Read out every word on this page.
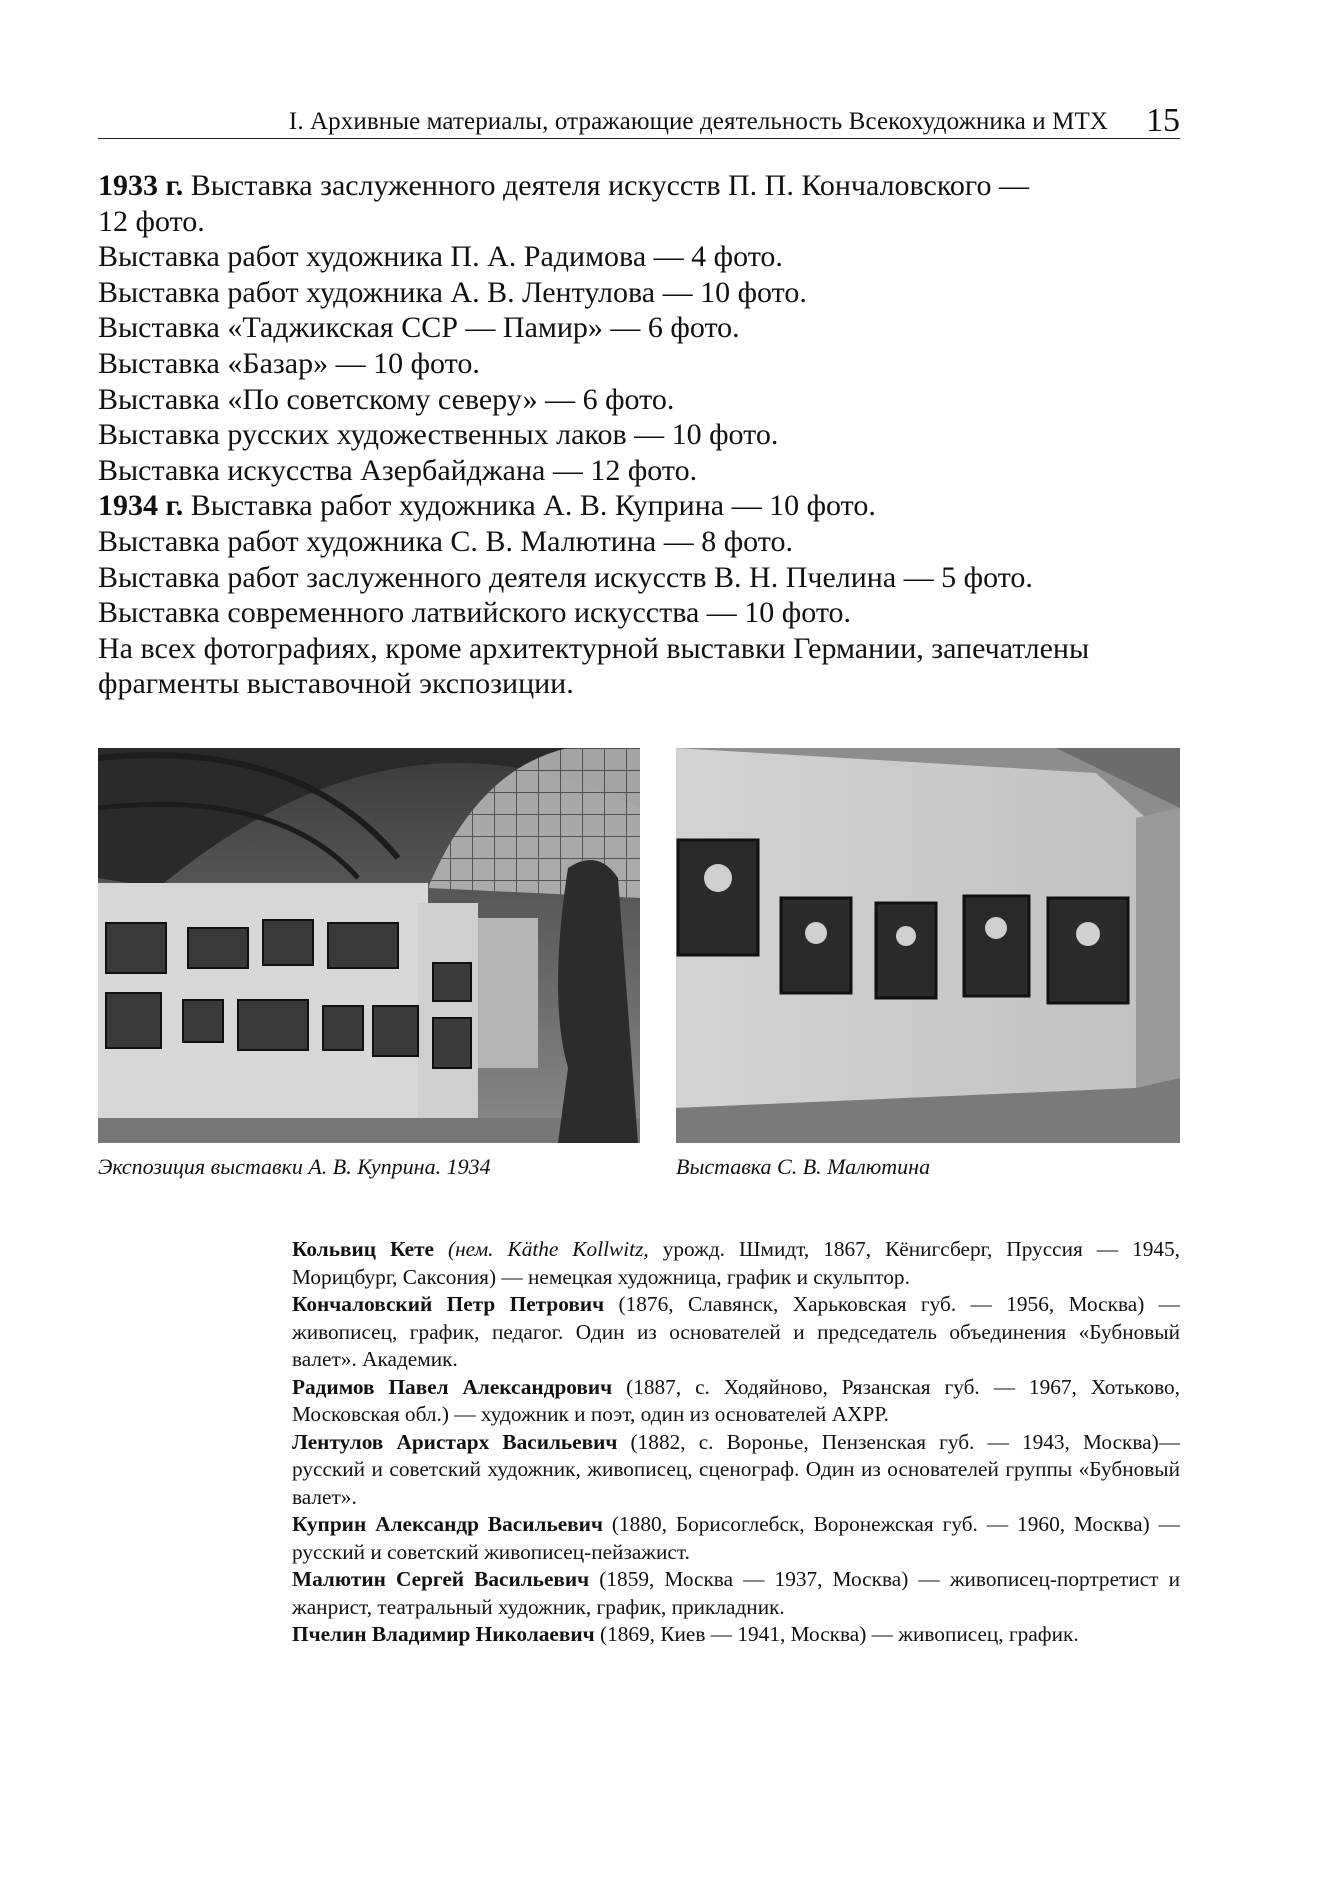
I. Архивные материалы, отражающие деятельность Всекохудожника и МТХ 15

1933 г. Выставка заслуженного деятеля искусств П. П. Кончаловского —

12 фото.

Выставка работ художника П. А. Радимова — 4 фото.

Выставка работ художника А. В. Лентулова — 10 фото.

Выставка «Таджикская ССР — Памир» — 6 фото.

Выставка «Базар» — 10 фото.

Выставка «По советскому северу» — 6 фото.

Выставка русских художественных лаков — 10 фото.

Выставка искусства Азербайджана — 12 фото.

1934 г. Выставка работ художника А. В. Куприна — 10 фото.

Выставка работ художника С. В. Малютина — 8 фото.

Выставка работ заслуженного деятеля искусств В. Н. Пчелина — 5 фото.

Выставка современного латвийского искусства — 10 фото.

На всех фотографиях, кроме архитектурной выставки Германии, запечатлены

фрагменты выставочной экспозиции.

Экспозиция выставки А. В. Куприна. 1934	Выставка С. В. Малютина

Кольвиц Кете (нем. Käthe Kollwitz, урожд. Шмидт, 1867, Кёнигсберг, Пруссия — 1945, Морицбург, Саксония) — немецкая художница, график и скульптор.

Кончаловский Петр Петрович (1876, Славянск, Харьковская губ. — 1956, Москва) — живописец, график, педагог. Один из основателей и председатель объединения «Бубновый валет». Академик.

Радимов Павел Александрович (1887, с. Ходяйново, Рязанская губ. — 1967, Хотьково, Московская обл.) — художник и поэт, один из основателей АХРР.

Лентулов Аристарх Васильевич (1882, с. Воронье, Пензенская губ. — 1943, Москва)— русский и советский художник, живописец, сценограф. Один из основателей группы «Бубновый валет».

Куприн Александр Васильевич (1880, Борисоглебск, Воронежская губ. — 1960, Москва) — русский и советский живописец-пейзажист.

Малютин Сергей Васильевич (1859, Москва — 1937, Москва) — живописец-портретист и жанрист, театральный художник, график, прикладник.

Пчелин Владимир Николаевич (1869, Киев — 1941, Москва) — живописец, график.
